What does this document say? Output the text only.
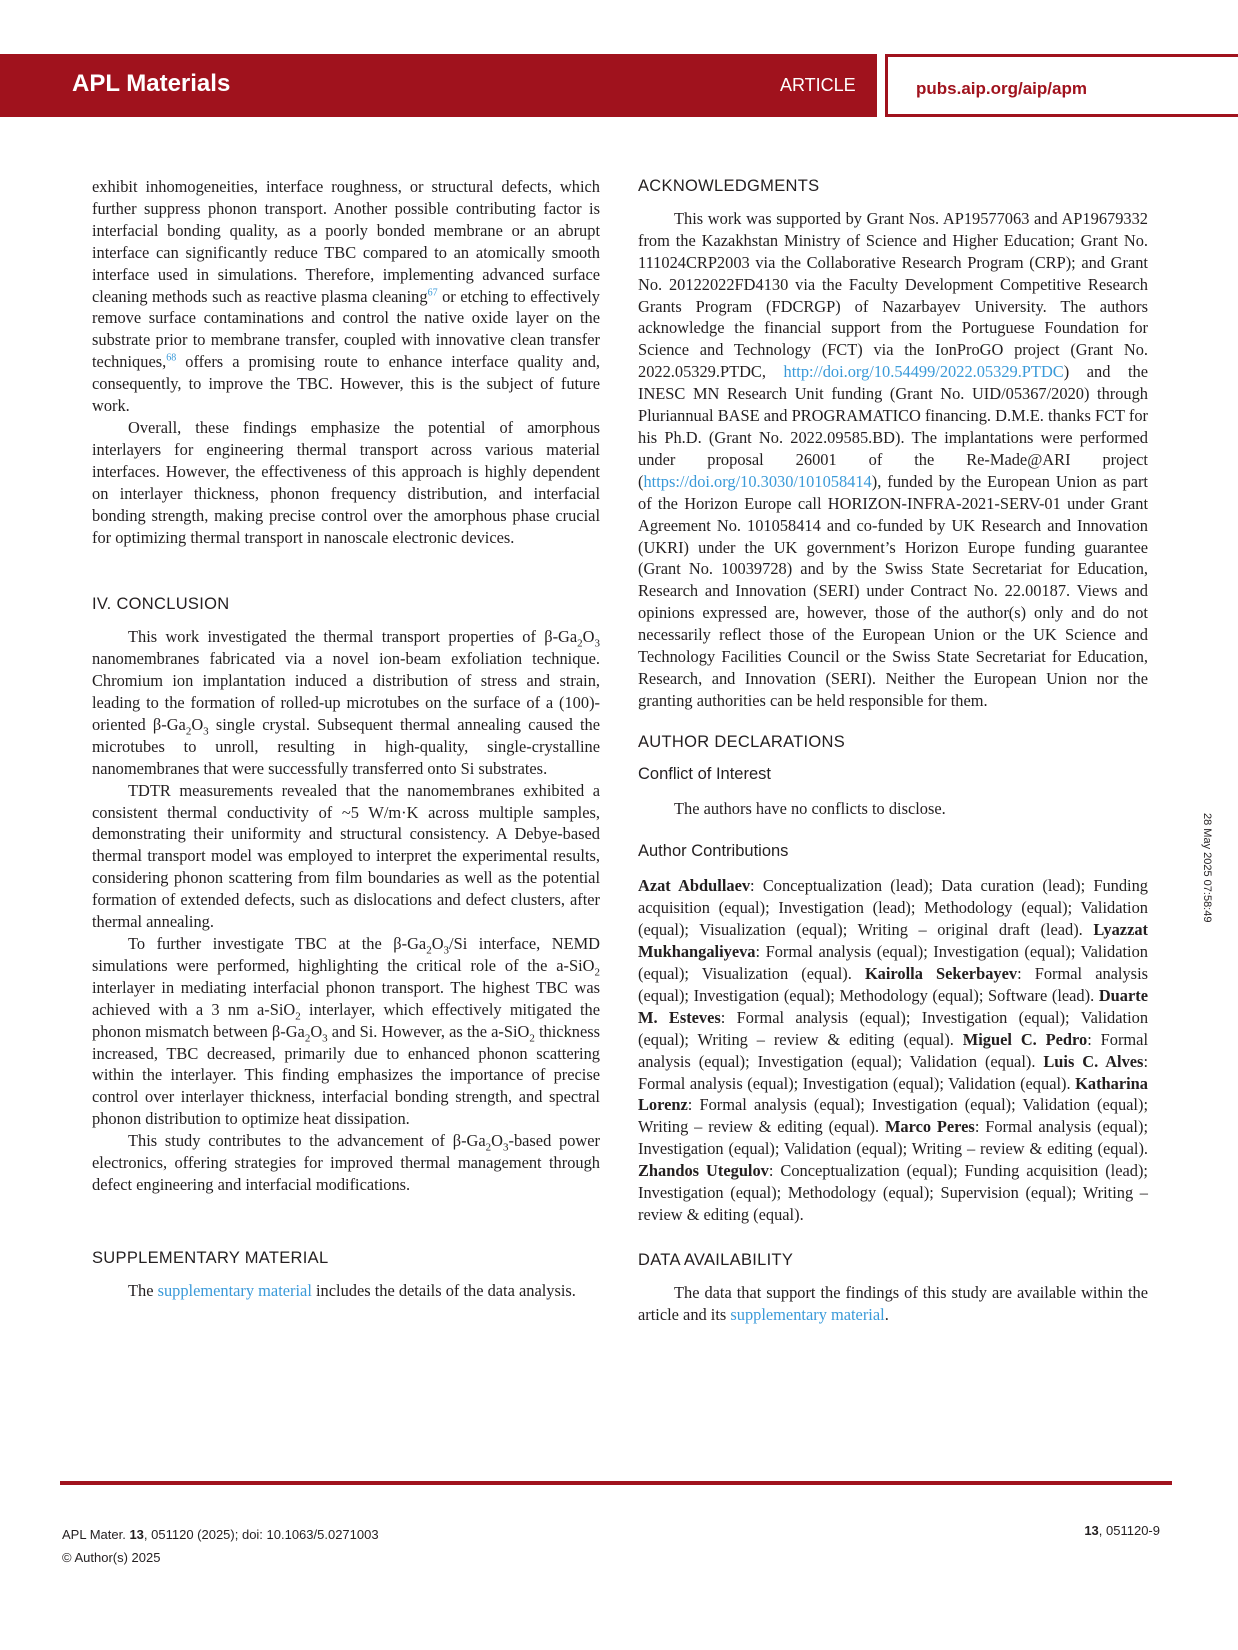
APL Materials	ARTICLE	pubs.aip.org/aip/apm

exhibit inhomogeneities, interface roughness, or structural defects, which further suppress phonon transport. Another possible contributing factor is interfacial bonding quality, as a poorly bonded membrane or an abrupt interface can significantly reduce TBC compared to an atomically smooth interface used in simulations. Therefore, implementing advanced surface cleaning methods such as reactive plasma cleaning$^{67}$ or etching to effectively remove surface contaminations and control the native oxide layer on the substrate prior to membrane transfer, coupled with innovative clean transfer techniques,$^{68}$ offers a promising route to enhance interface quality and, consequently, to improve the TBC. However, this is the subject of future work.

Overall, these findings emphasize the potential of amorphous interlayers for engineering thermal transport across various material interfaces. However, the effectiveness of this approach is highly dependent on interlayer thickness, phonon frequency distribution, and interfacial bonding strength, making precise control over the amorphous phase crucial for optimizing thermal transport in nanoscale electronic devices.

IV. CONCLUSION

This work investigated the thermal transport properties of $\beta-Ga_2O_3$ nanomembranes fabricated via a novel ion-beam exfoliation technique. Chromium ion implantation induced a distribution of stress and strain, leading to the formation of rolled-up microtubes on the surface of a (100)-oriented $\beta-Ga_2O_3$ single crystal. Subsequent thermal annealing caused the microtubes to unroll, resulting in high-quality, single-crystalline nanomembranes that were successfully transferred onto Si substrates.

TDTR measurements revealed that the nanomembranes exhibited a consistent thermal conductivity of ~5 W/m·K across multiple samples, demonstrating their uniformity and structural consistency. A Debye-based thermal transport model was employed to interpret the experimental results, considering phonon scattering from film boundaries as well as the potential formation of extended defects, such as dislocations and defect clusters, after thermal annealing.

To further investigate TBC at the $\beta-Ga_2O_3/Si$ interface, NEMD simulations were performed, highlighting the critical role of the a-SiO$_2$ interlayer in mediating interfacial phonon transport. The highest TBC was achieved with a 3 nm a-SiO$_2$ interlayer, which effectively mitigated the phonon mismatch between $\beta-Ga_2O_3$ and Si. However, as the a-SiO$_2$ thickness increased, TBC decreased, primarily due to enhanced phonon scattering within the interlayer. This finding emphasizes the importance of precise control over interlayer thickness, interfacial bonding strength, and spectral phonon distribution to optimize heat dissipation.

This study contributes to the advancement of $\beta-Ga_2O_3$-based power electronics, offering strategies for improved thermal management through defect engineering and interfacial modifications.

SUPPLEMENTARY MATERIAL

The supplementary material includes the details of the data analysis.

ACKNOWLEDGMENTS

This work was supported by Grant Nos. AP19577063 and AP19679332 from the Kazakhstan Ministry of Science and Higher Education; Grant No. 111024CRP2003 via the Collaborative Research Program (CRP); and Grant No. 20122022FD4130 via the Faculty Development Competitive Research Grants Program (FDCRGP) of Nazarbayev University. The authors acknowledge the financial support from the Portuguese Foundation for Science and Technology (FCT) via the IonProGO project (Grant No. 2022.05329.PTDC, http://doi.org/10.54499/2022.05329.PTDC) and the INESC MN Research Unit funding (Grant No. UID/05367/2020) through Pluriannual BASE and PROGRAMATICO financing. D.M.E. thanks FCT for his Ph.D. (Grant No. 2022.09585.BD). The implantations were performed under proposal 26001 of the Re-Made@ARI project (https://doi.org/10.3030/101058414), funded by the European Union as part of the Horizon Europe call HORIZON-INFRA-2021-SERV-01 under Grant Agreement No. 101058414 and co-funded by UK Research and Innovation (UKRI) under the UK government’s Horizon Europe funding guarantee (Grant No. 10039728) and by the Swiss State Secretariat for Education, Research and Innovation (SERI) under Contract No. 22.00187. Views and opinions expressed are, however, those of the author(s) only and do not necessarily reflect those of the European Union or the UK Science and Technology Facilities Council or the Swiss State Secretariat for Education, Research, and Innovation (SERI). Neither the European Union nor the granting authorities can be held responsible for them.

AUTHOR DECLARATIONS
Conflict of Interest

The authors have no conflicts to disclose.

Author Contributions

Azat Abdullaev: Conceptualization (lead); Data curation (lead); Funding acquisition (equal); Investigation (lead); Methodology (equal); Validation (equal); Visualization (equal); Writing – original draft (lead). Lyazzat Mukhangaliyeva: Formal analysis (equal); Investigation (equal); Validation (equal); Visualization (equal). Kairolla Sekerbayev: Formal analysis (equal); Investigation (equal); Methodology (equal); Software (lead). Duarte M. Esteves: Formal analysis (equal); Investigation (equal); Validation (equal); Writing – review & editing (equal). Miguel C. Pedro: Formal analysis (equal); Investigation (equal); Validation (equal). Luis C. Alves: Formal analysis (equal); Investigation (equal); Validation (equal). Katharina Lorenz: Formal analysis (equal); Investigation (equal); Validation (equal); Writing – review & editing (equal). Marco Peres: Formal analysis (equal); Investigation (equal); Validation (equal); Writing – review & editing (equal). Zhandos Utegulov: Conceptualization (equal); Funding acquisition (lead); Investigation (equal); Methodology (equal); Supervision (equal); Writing – review & editing (equal).

DATA AVAILABILITY

The data that support the findings of this study are available within the article and its supplementary material.

28 May 2025 07:58:49
APL Mater. 13, 051120 (2025); doi: 10.1063/5.0271003
© Author(s) 2025
13, 051120-9
